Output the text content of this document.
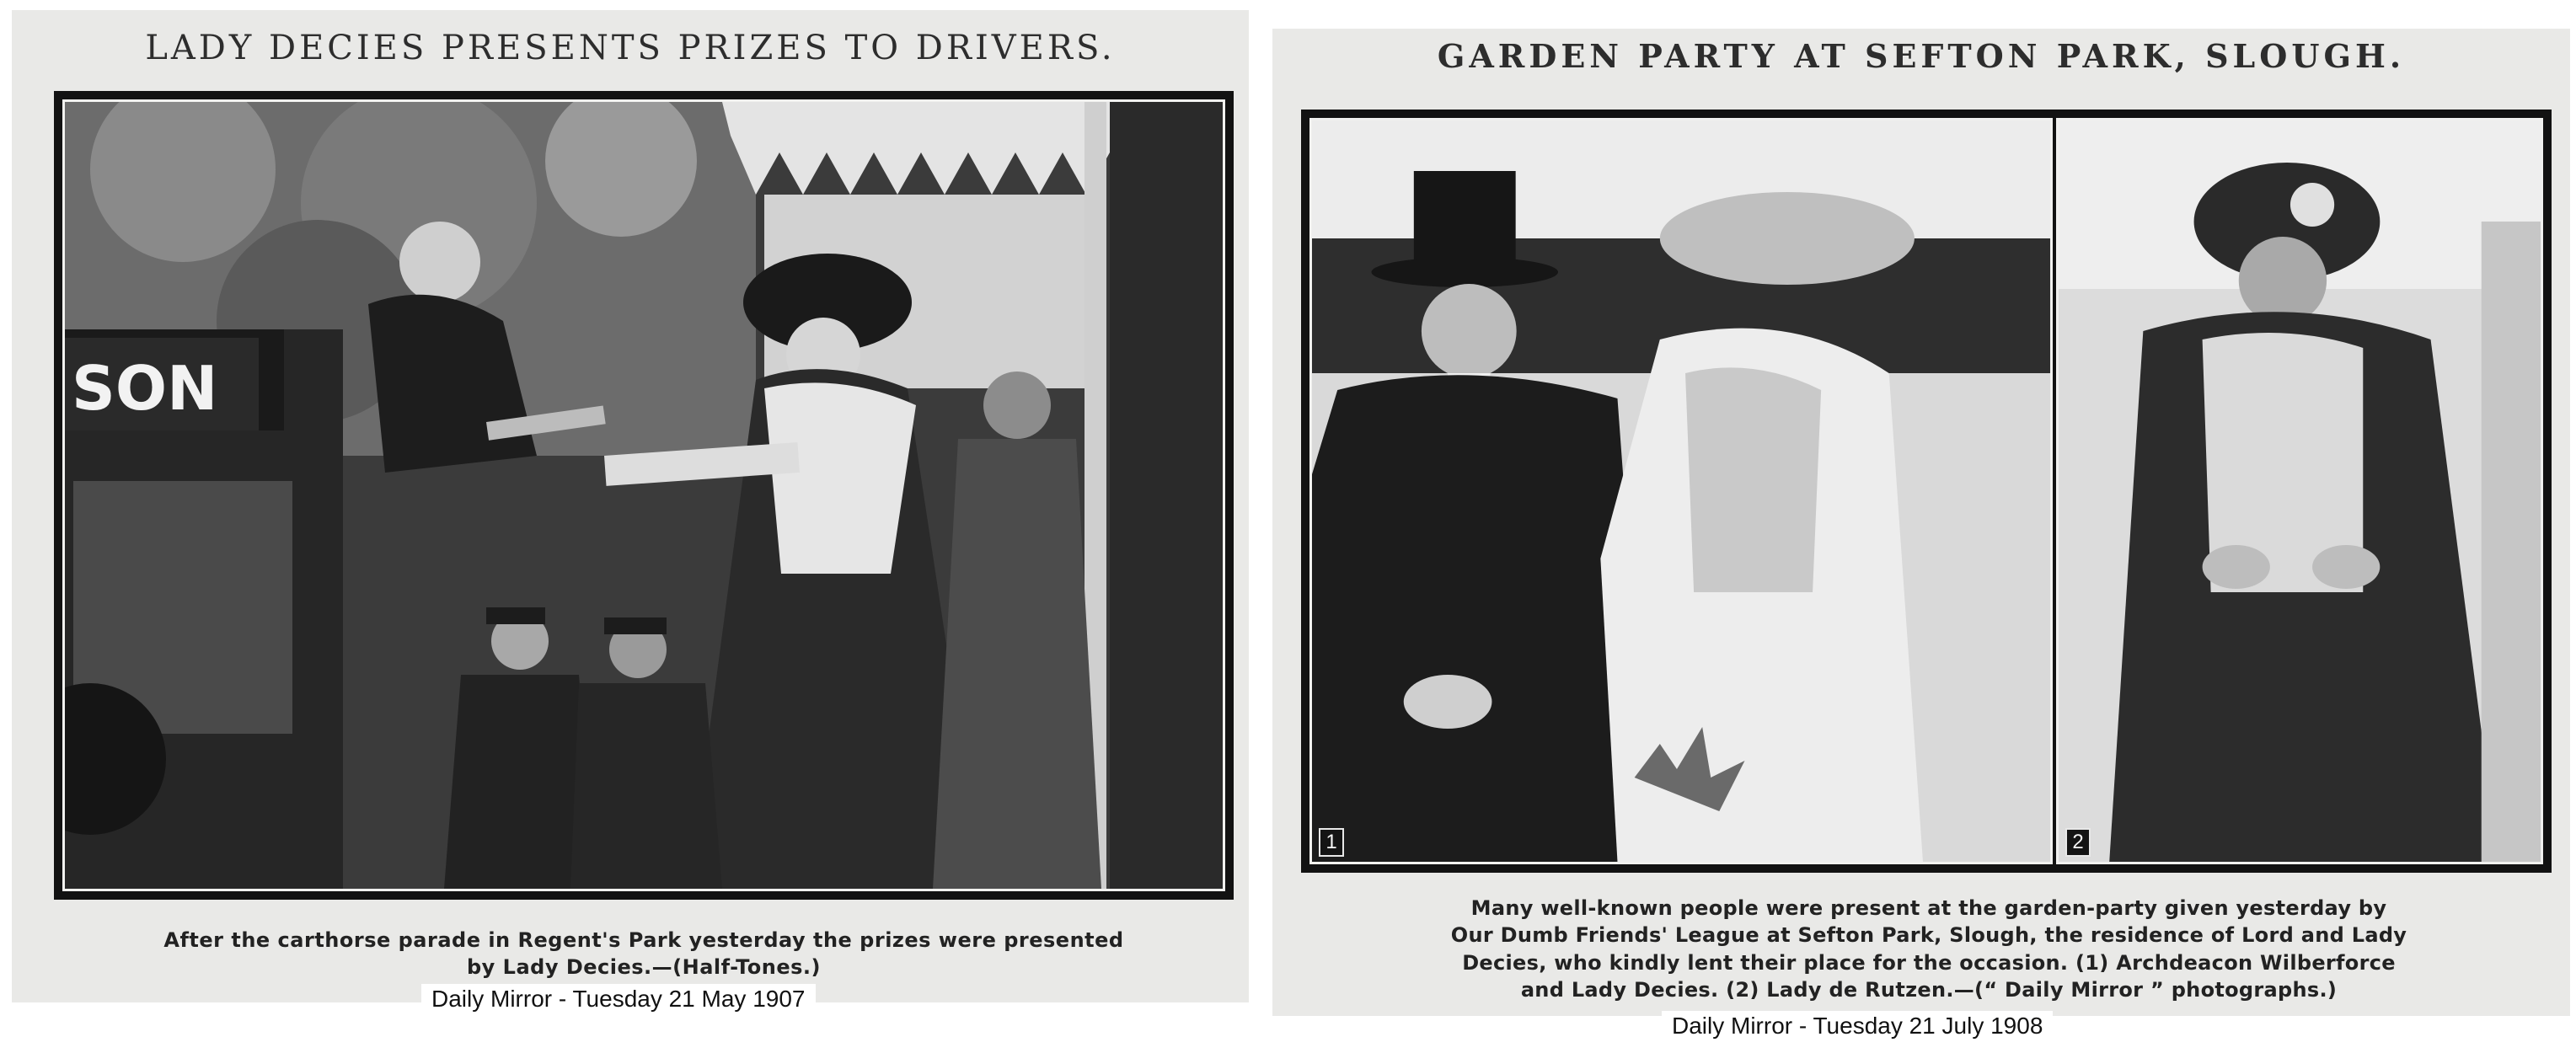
LADY DECIES PRESENTS PRIZES TO DRIVERS.
SON
After the carthorse parade in Regent's Park yesterday the prizes were presented
by Lady Decies.—(Half-Tones.)
Daily Mirror - Tuesday 21 May 1907
GARDEN PARTY AT SEFTON PARK, SLOUGH.
1	2
Many well-known people were present at the garden-party given yesterday by
Our Dumb Friends' League at Sefton Park, Slough, the residence of Lord and Lady
Decies, who kindly lent their place for the occasion. (1) Archdeacon Wilberforce
and Lady Decies. (2) Lady de Rutzen.—(“ Daily Mirror ” photographs.)
Daily Mirror - Tuesday 21 July 1908
